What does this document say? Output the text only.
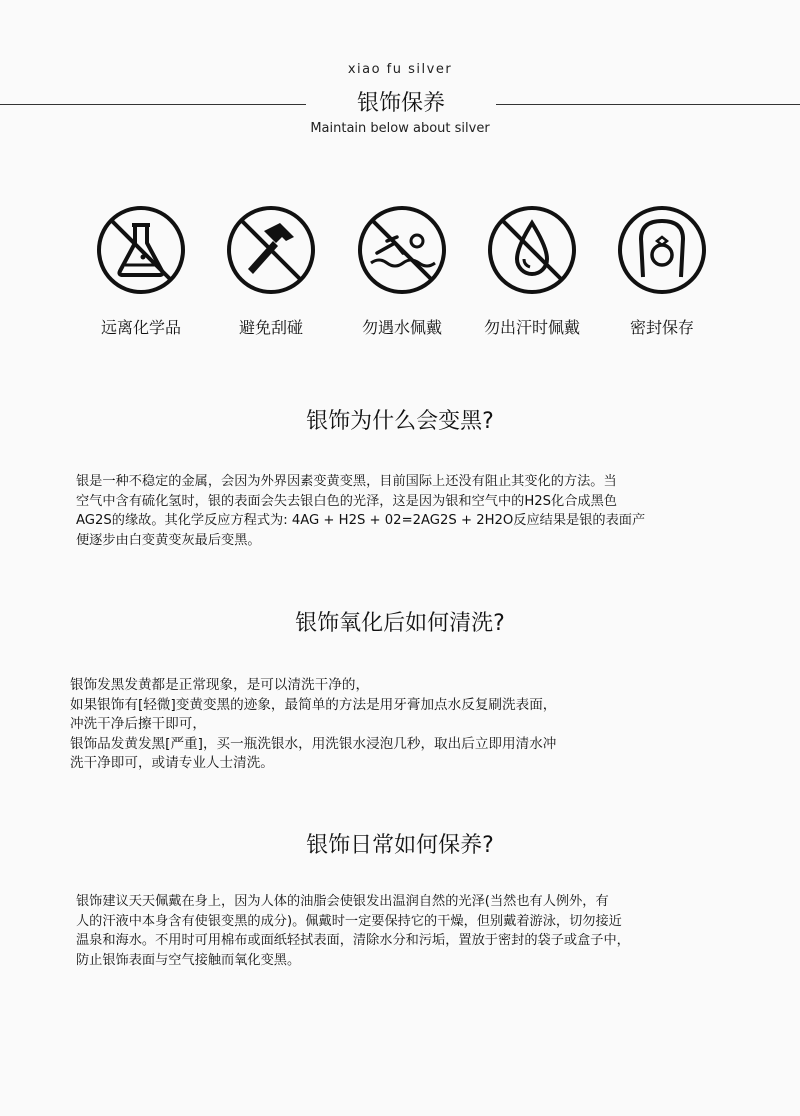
xiao fu silver
银饰保养
Maintain below about silver
远离化学品	避免刮碰	勿遇水佩戴	勿出汗时佩戴	密封保存
银饰为什么会变黑?
银是一种不稳定的金属，会因为外界因素变黄变黑，目前国际上还没有阻止其变化的方法。当
空气中含有硫化氢时，银的表面会失去银白色的光泽，这是因为银和空气中的H2S化合成黑色
AG2S的缘故。其化学反应方程式为: 4AG + H2S + 02=2AG2S + 2H2O反应结果是银的表面产
便逐步由白变黄变灰最后变黑。
银饰氧化后如何清洗?
银饰发黑发黄都是正常现象，是可以清洗干净的，
如果银饰有[轻微]变黄变黑的迹象，最简单的方法是用牙膏加点水反复刷洗表面，
冲洗干净后擦干即可，
银饰品发黄发黑[严重]，买一瓶洗银水，用洗银水浸泡几秒，取出后立即用清水冲
洗干净即可，或请专业人士清洗。
银饰日常如何保养?
银饰建议天天佩戴在身上，因为人体的油脂会使银发出温润自然的光泽(当然也有人例外，有
人的汗液中本身含有使银变黑的成分)。佩戴时一定要保持它的干燥，但别戴着游泳，切勿接近
温泉和海水。不用时可用棉布或面纸轻拭表面，清除水分和污垢，置放于密封的袋子或盒子中，
防止银饰表面与空气接触而氧化变黑。
